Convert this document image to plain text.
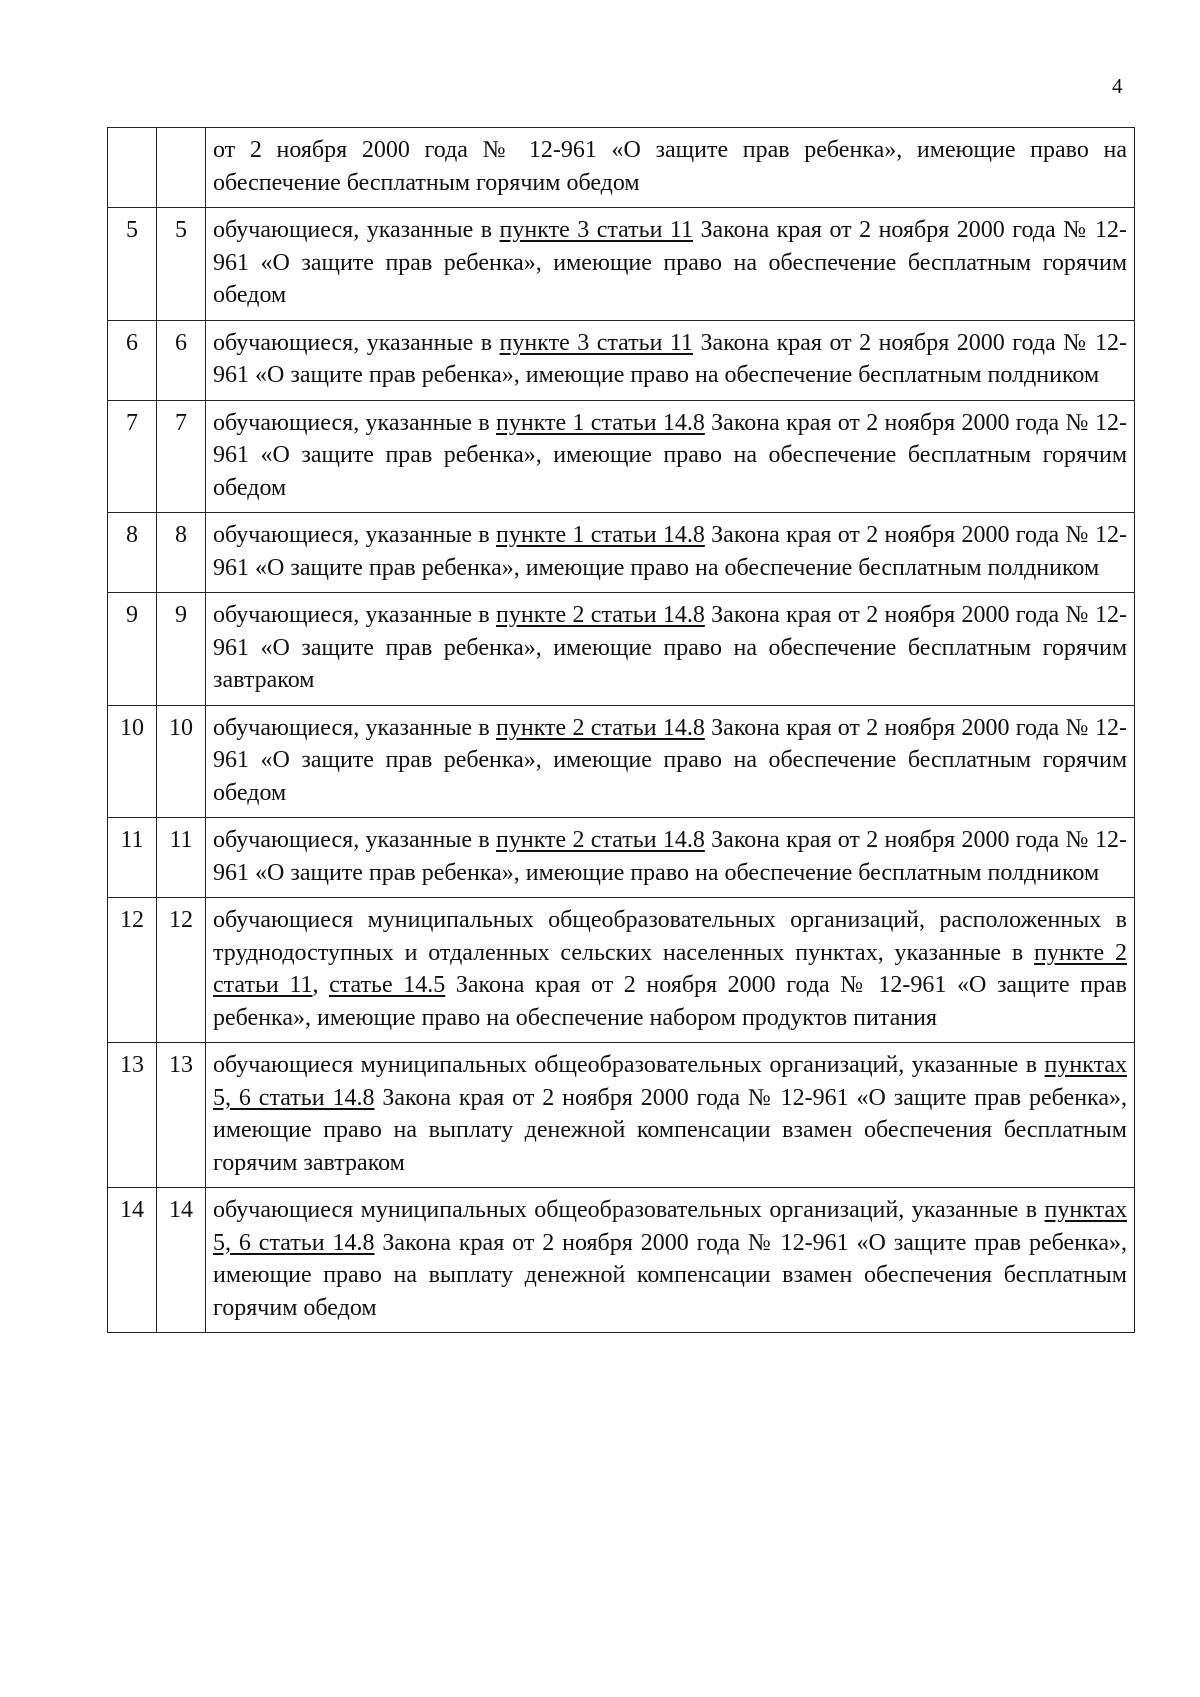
4
		от 2 ноября 2000 года № 12-961 «О защите прав ребенка», имеющие право на обеспечение бесплатным горячим обедом
5	5	обучающиеся, указанные в пункте 3 статьи 11 Закона края от 2 ноября 2000 года № 12-961 «О защите прав ребенка», имеющие право на обеспечение бесплатным горячим обедом
6	6	обучающиеся, указанные в пункте 3 статьи 11 Закона края от 2 ноября 2000 года № 12-961 «О защите прав ребенка», имеющие право на обеспечение бесплатным полдником
7	7	обучающиеся, указанные в пункте 1 статьи 14.8 Закона края от 2 ноября 2000 года № 12-961 «О защите прав ребенка», имеющие право на обеспечение бесплатным горячим обедом
8	8	обучающиеся, указанные в пункте 1 статьи 14.8 Закона края от 2 ноября 2000 года № 12-961 «О защите прав ребенка», имеющие право на обеспечение бесплатным полдником
9	9	обучающиеся, указанные в пункте 2 статьи 14.8 Закона края от 2 ноября 2000 года № 12-961 «О защите прав ребенка», имеющие право на обеспечение бесплатным горячим завтраком
10	10	обучающиеся, указанные в пункте 2 статьи 14.8 Закона края от 2 ноября 2000 года № 12-961 «О защите прав ребенка», имеющие право на обеспечение бесплатным горячим обедом
11	11	обучающиеся, указанные в пункте 2 статьи 14.8 Закона края от 2 ноября 2000 года № 12-961 «О защите прав ребенка», имеющие право на обеспечение бесплатным полдником
12	12	обучающиеся муниципальных общеобразовательных организаций, расположенных в труднодоступных и отдаленных сельских населенных пунктах, указанные в пункте 2 статьи 11, статье 14.5 Закона края от 2 ноября 2000 года № 12-961 «О защите прав ребенка», имеющие право на обеспечение набором продуктов питания
13	13	обучающиеся муниципальных общеобразовательных организаций, указанные в пунктах 5, 6 статьи 14.8 Закона края от 2 ноября 2000 года № 12-961 «О защите прав ребенка», имеющие право на выплату денежной компенсации взамен обеспечения бесплатным горячим завтраком
14	14	обучающиеся муниципальных общеобразовательных организаций, указанные в пунктах 5, 6 статьи 14.8 Закона края от 2 ноября 2000 года № 12-961 «О защите прав ребенка», имеющие право на выплату денежной компенсации взамен обеспечения бесплатным горячим обедом
